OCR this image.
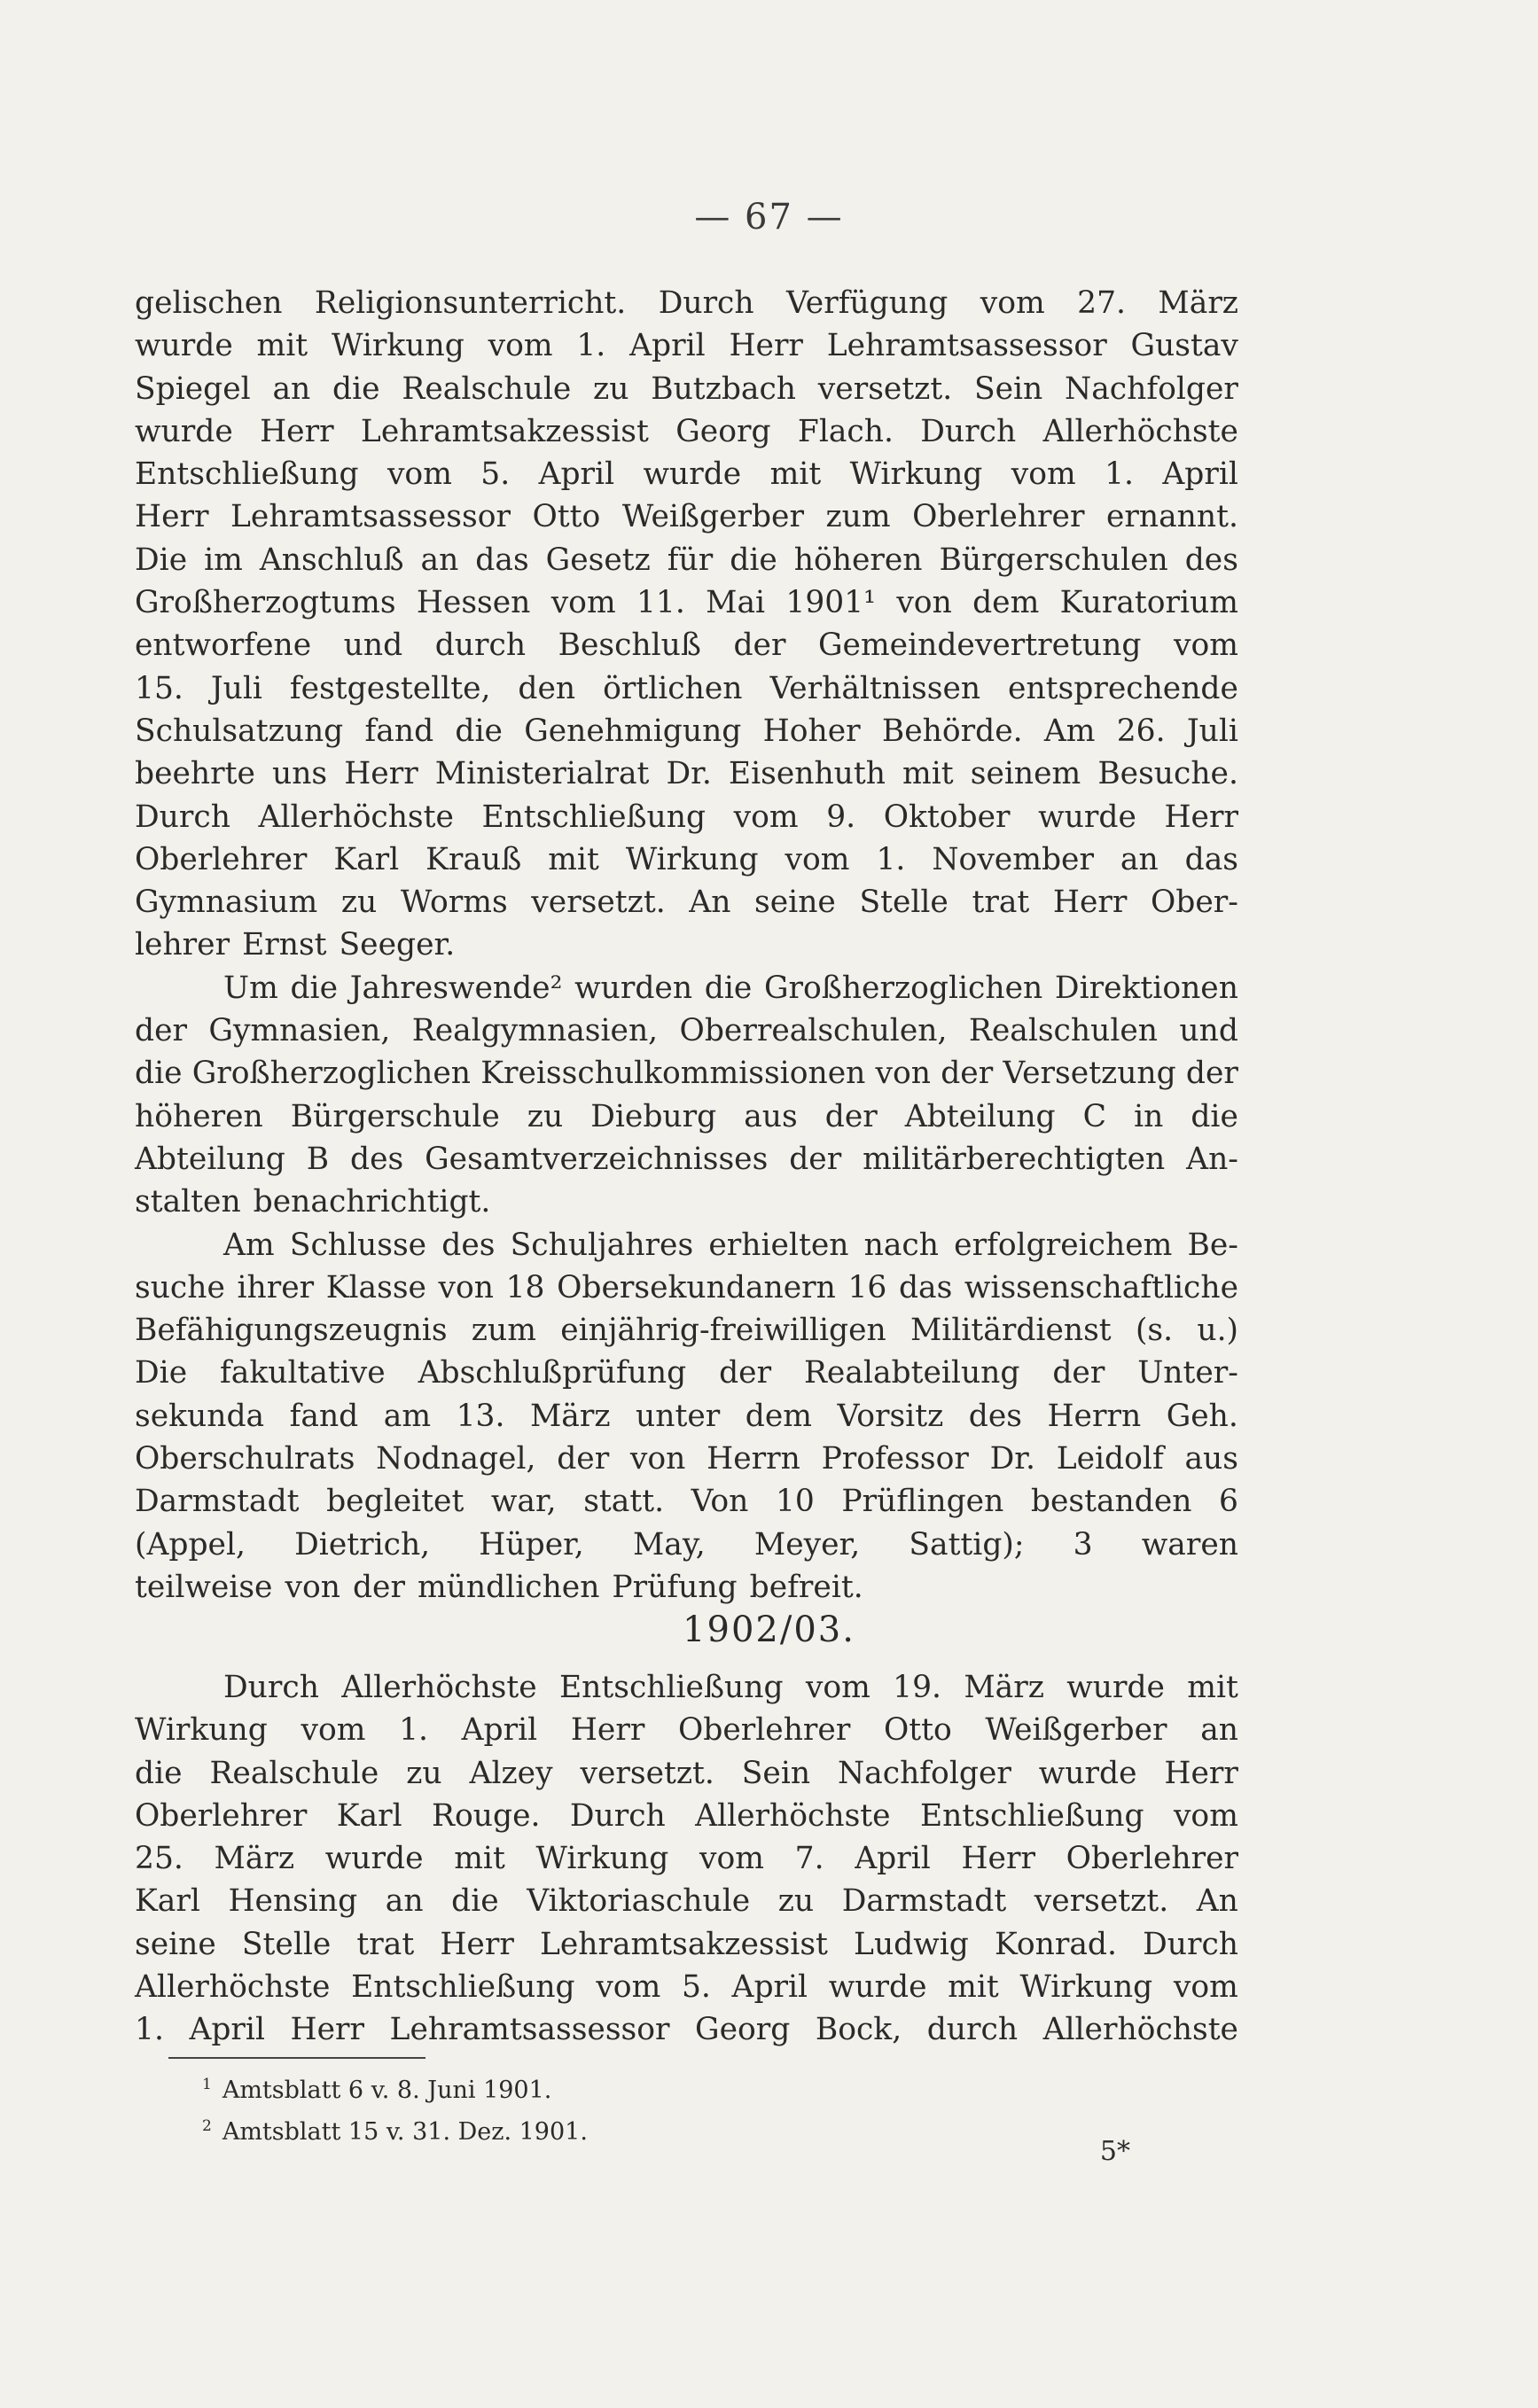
— 67 —
gelischen Religionsunterricht. Durch Verfügung vom 27. März
wurde mit Wirkung vom 1. April Herr Lehramtsassessor Gustav
Spiegel an die Realschule zu Butzbach versetzt. Sein Nachfolger
wurde Herr Lehramtsakzessist Georg Flach. Durch Allerhöchste
Entschließung vom 5. April wurde mit Wirkung vom 1. April
Herr Lehramtsassessor Otto Weißgerber zum Oberlehrer ernannt.
Die im Anschluß an das Gesetz für die höheren Bürgerschulen des
Großherzogtums Hessen vom 11. Mai 1901¹ von dem Kuratorium
entworfene und durch Beschluß der Gemeindevertretung vom
15. Juli festgestellte, den örtlichen Verhältnissen entsprechende
Schulsatzung fand die Genehmigung Hoher Behörde. Am 26. Juli
beehrte uns Herr Ministerialrat Dr. Eisenhuth mit seinem Besuche.
Durch Allerhöchste Entschließung vom 9. Oktober wurde Herr
Oberlehrer Karl Krauß mit Wirkung vom 1. November an das
Gymnasium zu Worms versetzt. An seine Stelle trat Herr Ober-
lehrer Ernst Seeger.
Um die Jahreswende² wurden die Großherzoglichen Direktionen
der Gymnasien, Realgymnasien, Oberrealschulen, Realschulen und
die Großherzoglichen Kreisschulkommissionen von der Versetzung der
höheren Bürgerschule zu Dieburg aus der Abteilung C in die
Abteilung B des Gesamtverzeichnisses der militärberechtigten An-
stalten benachrichtigt.
Am Schlusse des Schuljahres erhielten nach erfolgreichem Be-
suche ihrer Klasse von 18 Obersekundanern 16 das wissenschaftliche
Befähigungszeugnis zum einjährig-freiwilligen Militärdienst (s. u.)
Die fakultative Abschlußprüfung der Realabteilung der Unter-
sekunda fand am 13. März unter dem Vorsitz des Herrn Geh.
Oberschulrats Nodnagel, der von Herrn Professor Dr. Leidolf aus
Darmstadt begleitet war, statt. Von 10 Prüflingen bestanden 6
(Appel, Dietrich, Hüper, May, Meyer, Sattig); 3 waren
teilweise von der mündlichen Prüfung befreit.
1902/03.
Durch Allerhöchste Entschließung vom 19. März wurde mit
Wirkung vom 1. April Herr Oberlehrer Otto Weißgerber an
die Realschule zu Alzey versetzt. Sein Nachfolger wurde Herr
Oberlehrer Karl Rouge. Durch Allerhöchste Entschließung vom
25. März wurde mit Wirkung vom 7. April Herr Oberlehrer
Karl Hensing an die Viktoriaschule zu Darmstadt versetzt. An
seine Stelle trat Herr Lehramtsakzessist Ludwig Konrad. Durch
Allerhöchste Entschließung vom 5. April wurde mit Wirkung vom
1. April Herr Lehramtsassessor Georg Bock, durch Allerhöchste
$^1$ Amtsblatt 6 v. 8. Juni 1901.
$^2$ Amtsblatt 15 v. 31. Dez. 1901.
5*
